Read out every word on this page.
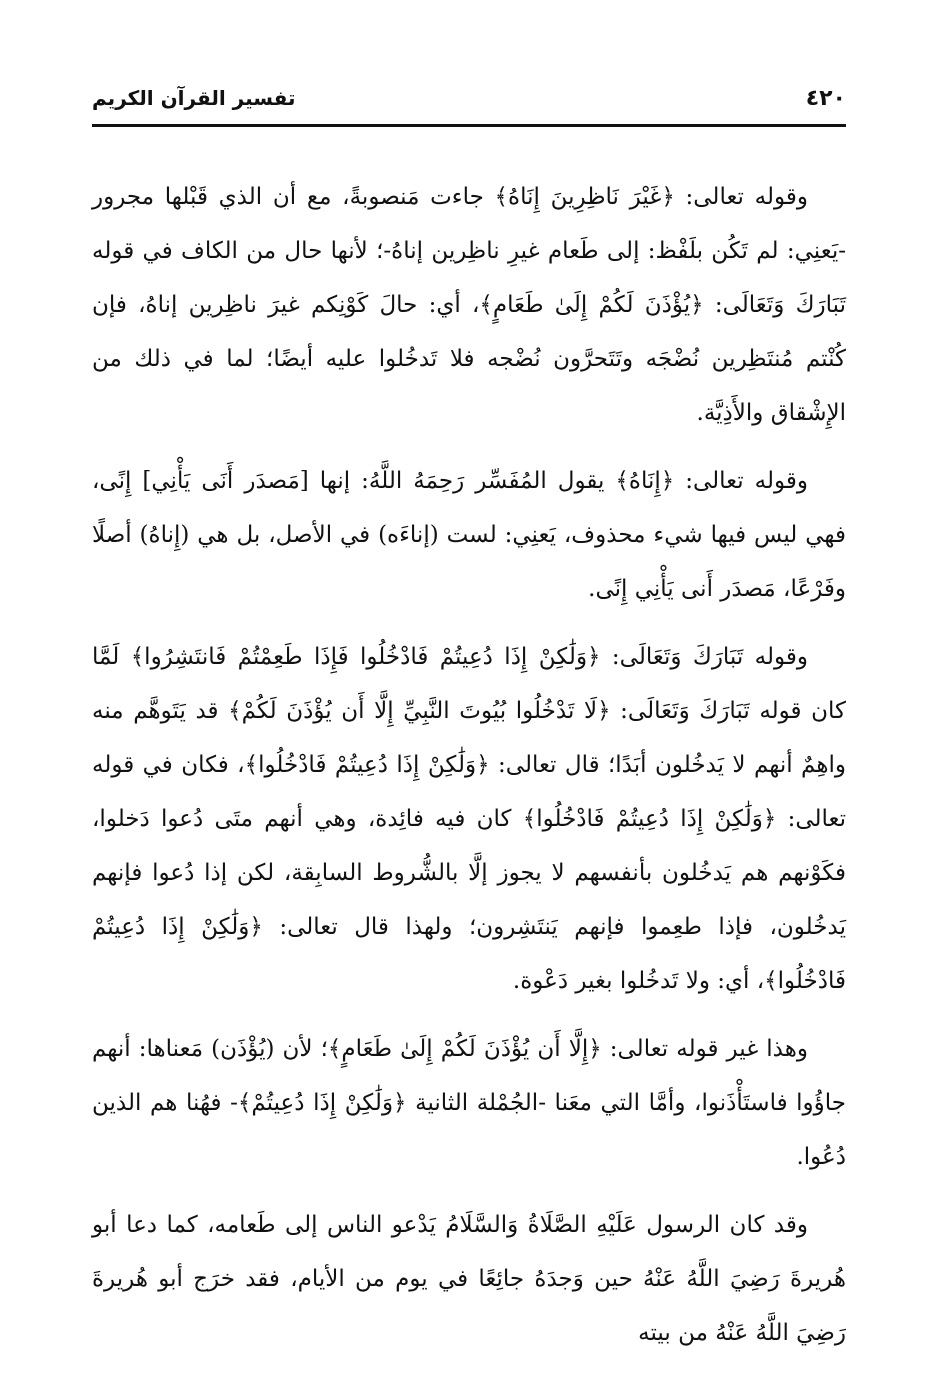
٤٢٠
تفسير القرآن الكريم

وقوله تعالى: ﴿غَيْرَ نَاظِرِينَ إِنَاهُ﴾ جاءت مَنصوبةً، مع أن الذي قَبْلها مجرور -يَعنِي: لم تَكُن بلَفْظ: إلى طَعام غيرِ ناظِرين إناهُ-؛ لأنها حال من الكاف في قوله تَبَارَكَ وَتَعَالَى: ﴿يُؤْذَنَ لَكُمْ إِلَىٰ طَعَامٍ﴾، أي: حالَ كَوْنِكم غيرَ ناظِرين إناهُ، فإن كُنْتم مُنتَظِرين نُضْجَه وتَتَحرَّون نُضْجه فلا تَدخُلوا عليه أيضًا؛ لما في ذلك من الإِشْقاق والأَذِيَّة.

وقوله تعالى: ﴿إِنَاهُ﴾ يقول المُفَسِّر رَحِمَهُ اللَّهُ: إنها [مَصدَر أَنَى يَأْنِي] إِنًى، فهي ليس فيها شيء محذوف، يَعنِي: لست (إناءَه) في الأصل، بل هي (إِناهُ) أصلًا وفَرْعًا، مَصدَر أَنى يَأْنِي إِنًى.

وقوله تَبَارَكَ وَتَعَالَى: ﴿وَلَٰكِنْ إِذَا دُعِيتُمْ فَادْخُلُوا فَإِذَا طَعِمْتُمْ فَانتَشِرُوا﴾ لَمَّا كان قوله تَبَارَكَ وَتَعَالَى: ﴿لَا تَدْخُلُوا بُيُوتَ النَّبِيِّ إِلَّا أَن يُؤْذَنَ لَكُمْ﴾ قد يَتَوهَّم منه واهِمٌ أنهم لا يَدخُلون أبَدًا؛ قال تعالى: ﴿وَلَٰكِنْ إِذَا دُعِيتُمْ فَادْخُلُوا﴾، فكان في قوله تعالى: ﴿وَلَٰكِنْ إِذَا دُعِيتُمْ فَادْخُلُوا﴾ كان فيه فائِدة، وهي أنهم متَى دُعوا دَخلوا، فكَوْنهم هم يَدخُلون بأنفسهم لا يجوز إلَّا بالشُّروط السابِقة، لكن إذا دُعوا فإنهم يَدخُلون، فإذا طعِموا فإنهم يَنتَشِرون؛ ولهذا قال تعالى: ﴿وَلَٰكِنْ إِذَا دُعِيتُمْ فَادْخُلُوا﴾، أي: ولا تَدخُلوا بغير دَعْوة.

وهذا غير قوله تعالى: ﴿إِلَّا أَن يُؤْذَنَ لَكُمْ إِلَىٰ طَعَامٍ﴾؛ لأن (يُؤْذَن) مَعناها: أنهم جاؤُوا فاستَأْذَنوا، وأمَّا التي معَنا -الجُمْلة الثانية ﴿وَلَٰكِنْ إِذَا دُعِيتُمْ﴾- فهُنا هم الذين دُعُوا.

وقد كان الرسول عَلَيْهِ الصَّلَاةُ وَالسَّلَامُ يَدْعو الناس إلى طَعامه، كما دعا أبو هُريرةَ رَضِيَ اللَّهُ عَنْهُ حين وَجدَهُ جائِعًا في يوم من الأيام، فقد خرَج أبو هُريرةَ رَضِيَ اللَّهُ عَنْهُ من بيته
